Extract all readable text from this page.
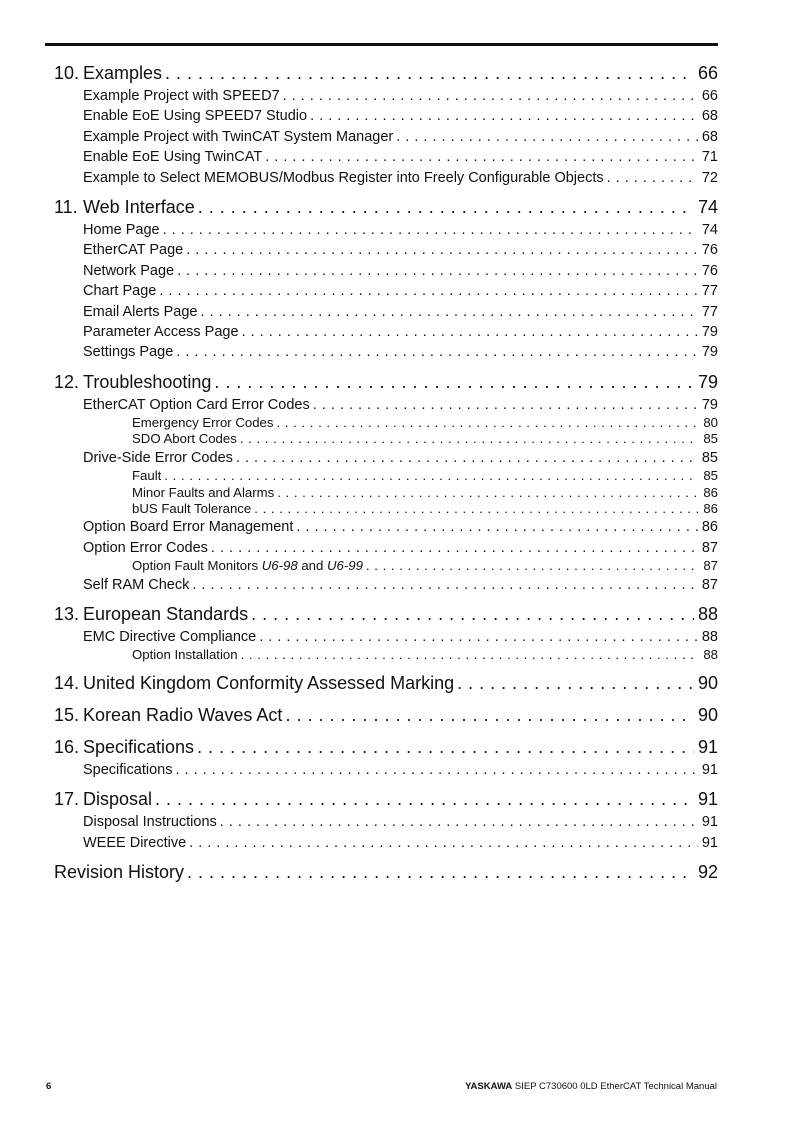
10. Examples . . .	66
Example Project with SPEED7 . . .	66
Enable EoE Using SPEED7 Studio . . .	68
Example Project with TwinCAT System Manager . . .	68
Enable EoE Using TwinCAT . . .	71
Example to Select MEMOBUS/Modbus Register into Freely Configurable Objects . . .	72
11. Web Interface . . .	74
Home Page . . .	74
EtherCAT Page . . .	76
Network Page . . .	76
Chart Page . . .	77
Email Alerts Page . . .	77
Parameter Access Page . . .	79
Settings Page . . .	79
12. Troubleshooting . . .	79
EtherCAT Option Card Error Codes . . .	79
Emergency Error Codes . . .	80
SDO Abort Codes . . .	85
Drive-Side Error Codes . . .	85
Fault . . .	85
Minor Faults and Alarms . . .	86
bUS Fault Tolerance . . .	86
Option Board Error Management . . .	86
Option Error Codes . . .	87
Option Fault Monitors U6-98 and U6-99 . . .	87
Self RAM Check . . .	87
13. European Standards . . .	88
EMC Directive Compliance . . .	88
Option Installation . . .	88
14. United Kingdom Conformity Assessed Marking . . .	90
15. Korean Radio Waves Act . . .	90
16. Specifications . . .	91
Specifications . . .	91
17. Disposal . . .	91
Disposal Instructions . . .	91
WEEE Directive . . .	91
Revision History . . .	92
6	YASKAWA SIEP C730600 0LD EtherCAT Technical Manual
